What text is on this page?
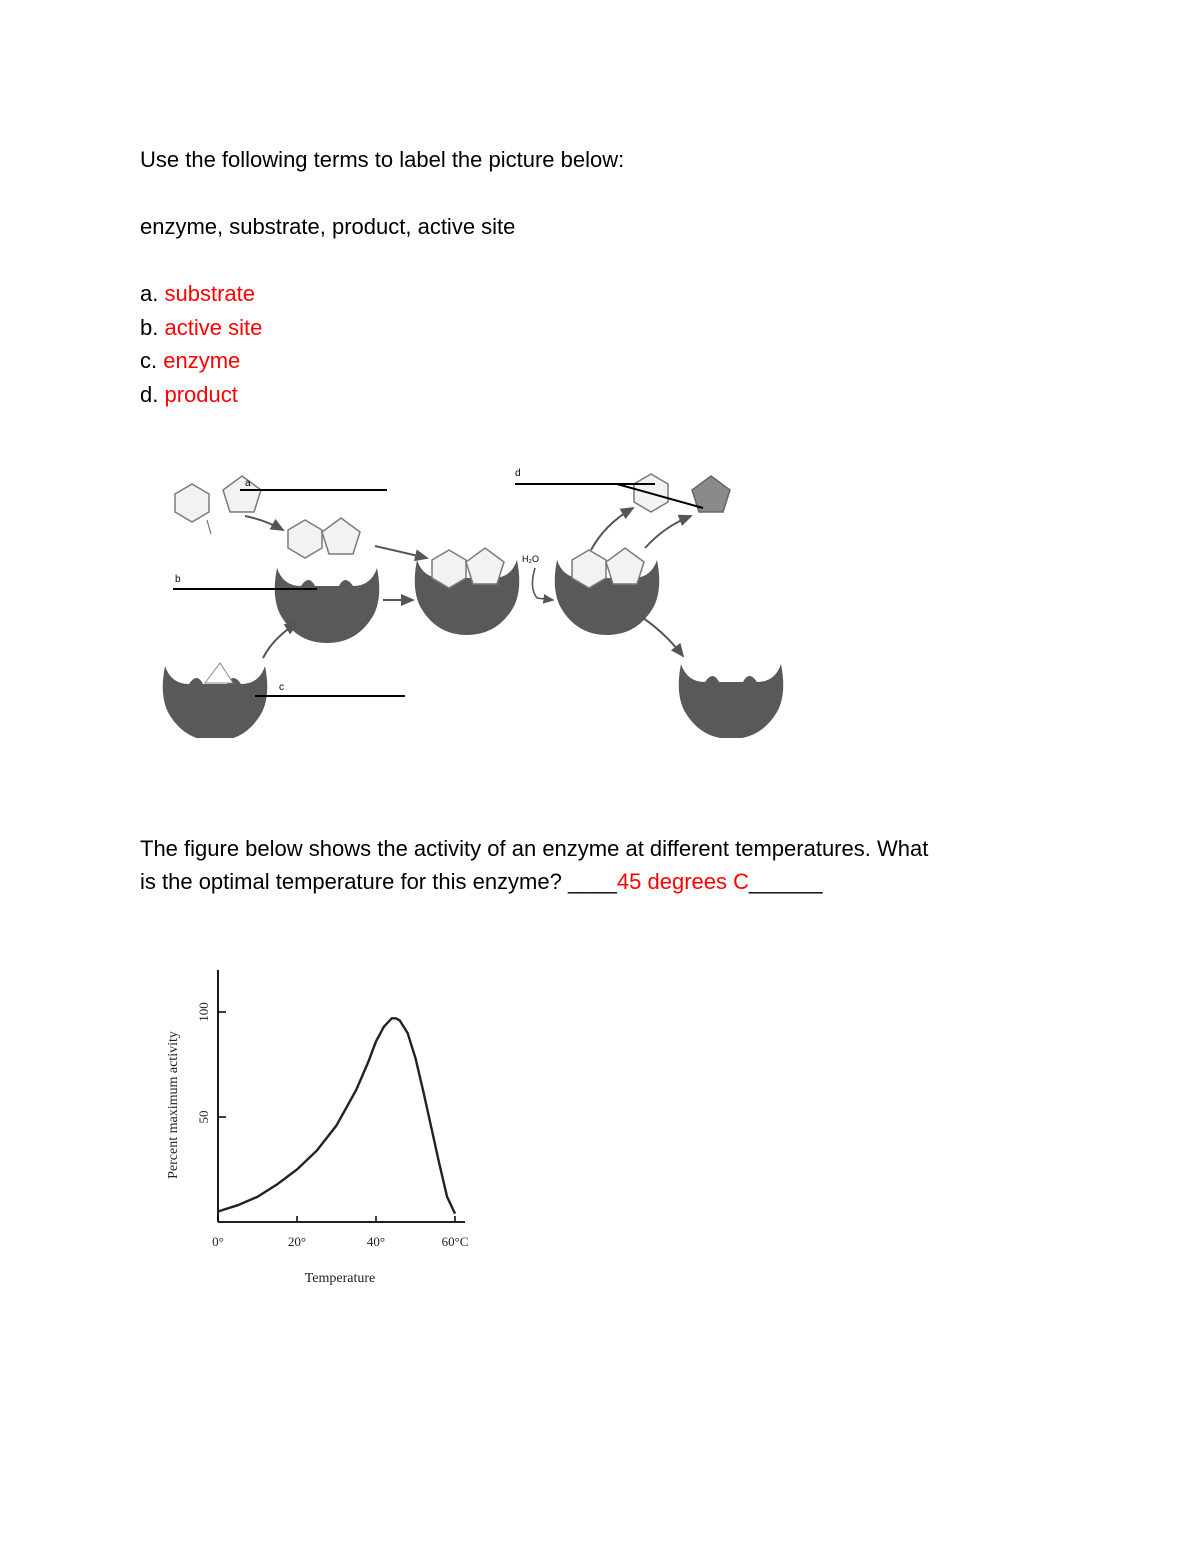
Use the following terms to label the picture below:
enzyme, substrate, product, active site
a. substrate
b. active site
c. enzyme
d. product
a
b
c
H₂O
d
The figure below shows the activity of an enzyme at different temperatures. What
is the optimal temperature for this enzyme? ____45 degrees C______
0°	20°	40°	60°C
50
100
Temperature
Percent maximum activity
